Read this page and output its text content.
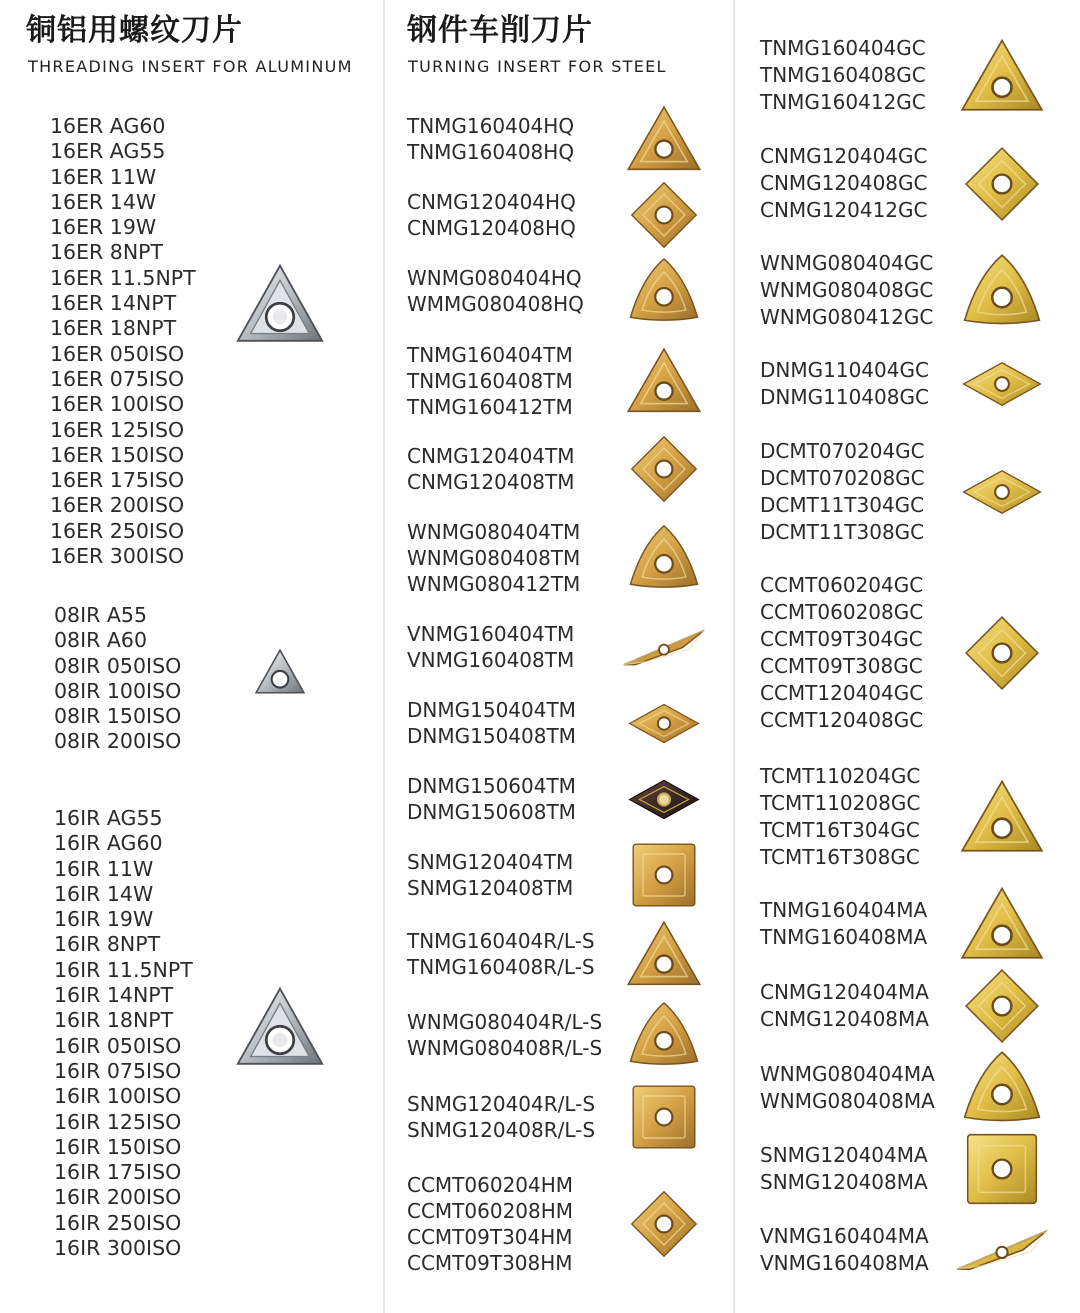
铜铝用螺纹刀片
THREADING INSERT FOR ALUMINUM
16ER AG60
16ER AG55
16ER 11W
16ER 14W
16ER 19W
16ER 8NPT
16ER 11.5NPT
16ER 14NPT
16ER 18NPT
16ER 050ISO
16ER 075ISO
16ER 100ISO
16ER 125ISO
16ER 150ISO
16ER 175ISO
16ER 200ISO
16ER 250ISO
16ER 300ISO
08IR A55
08IR A60
08IR 050ISO
08IR 100ISO
08IR 150ISO
08IR 200ISO
16IR AG55
16IR AG60
16IR 11W
16IR 14W
16IR 19W
16IR 8NPT
16IR 11.5NPT
16IR 14NPT
16IR 18NPT
16IR 050ISO
16IR 075ISO
16IR 100ISO
16IR 125ISO
16IR 150ISO
16IR 175ISO
16IR 200ISO
16IR 250ISO
16IR 300ISO
钢件车削刀片
TURNING INSERT FOR STEEL
TNMG160404HQ
TNMG160408HQ
CNMG120404HQ
CNMG120408HQ
WNMG080404HQ
WMMG080408HQ
TNMG160404TM
TNMG160408TM
TNMG160412TM
CNMG120404TM
CNMG120408TM
WNMG080404TM
WNMG080408TM
WNMG080412TM
VNMG160404TM
VNMG160408TM
DNMG150404TM
DNMG150408TM
DNMG150604TM
DNMG150608TM
SNMG120404TM
SNMG120408TM
TNMG160404R/L-S
TNMG160408R/L-S
WNMG080404R/L-S
WNMG080408R/L-S
SNMG120404R/L-S
SNMG120408R/L-S
CCMT060204HM
CCMT060208HM
CCMT09T304HM
CCMT09T308HM
TNMG160404GC
TNMG160408GC
TNMG160412GC
CNMG120404GC
CNMG120408GC
CNMG120412GC
WNMG080404GC
WNMG080408GC
WNMG080412GC
DNMG110404GC
DNMG110408GC
DCMT070204GC
DCMT070208GC
DCMT11T304GC
DCMT11T308GC
CCMT060204GC
CCMT060208GC
CCMT09T304GC
CCMT09T308GC
CCMT120404GC
CCMT120408GC
TCMT110204GC
TCMT110208GC
TCMT16T304GC
TCMT16T308GC
TNMG160404MA
TNMG160408MA
CNMG120404MA
CNMG120408MA
WNMG080404MA
WNMG080408MA
SNMG120404MA
SNMG120408MA
VNMG160404MA
VNMG160408MA
